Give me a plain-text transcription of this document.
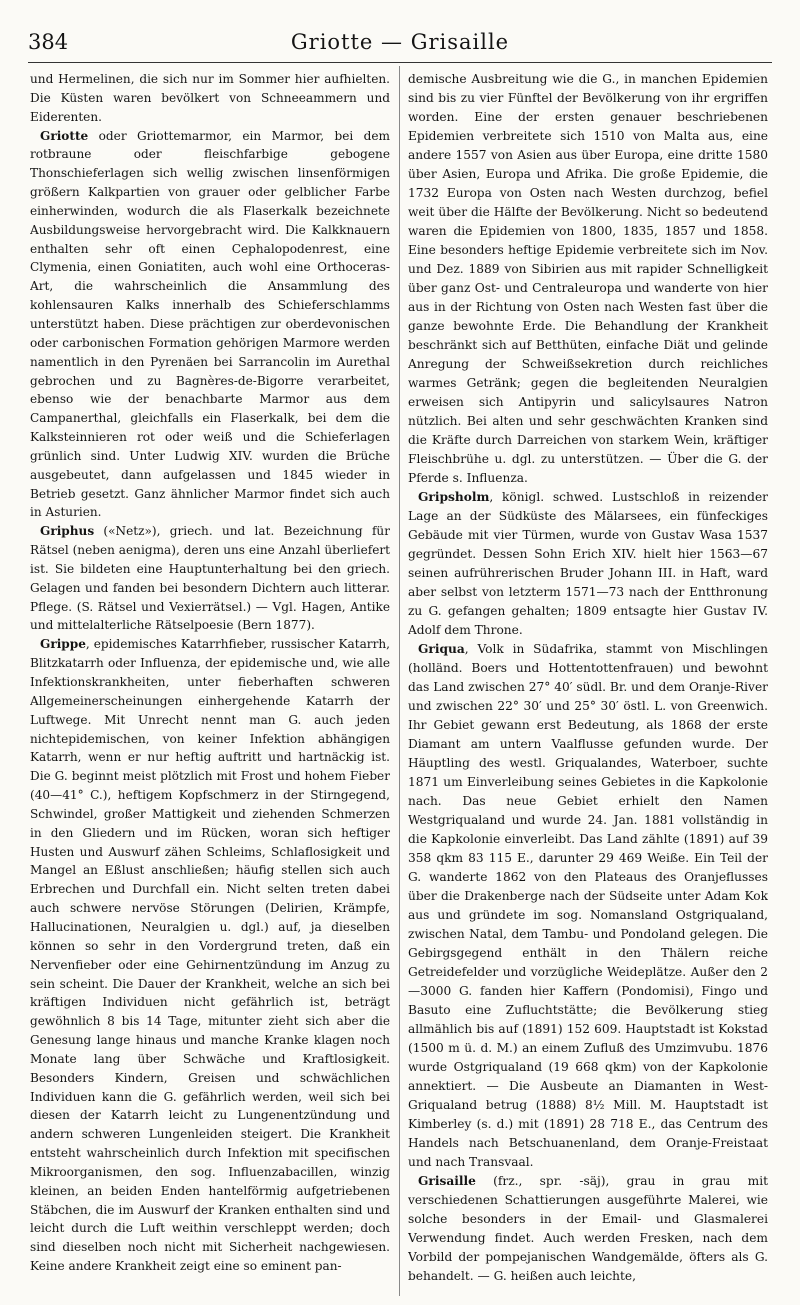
384	Griotte — Grisaille

und Hermelinen, die sich nur im Sommer hier aufhielten. Die Küsten waren bevölkert von Schneeammern und Eiderenten.

Griotte oder Griottemarmor, ein Marmor, bei dem rotbraune oder fleischfarbige gebogene Thonschieferlagen sich wellig zwischen linsenförmigen größern Kalkpartien von grauer oder gelblicher Farbe einherwinden, wodurch die als Flaserkalk bezeichnete Ausbildungsweise hervorgebracht wird. Die Kalkknauern enthalten sehr oft einen Cephalopodenrest, eine Clymenia, einen Goniatiten, auch wohl eine Orthoceras-Art, die wahrscheinlich die Ansammlung des kohlensauren Kalks innerhalb des Schieferschlamms unterstützt haben. Diese prächtigen zur oberdevonischen oder carbonischen Formation gehörigen Marmore werden namentlich in den Pyrenäen bei Sarrancolin im Aurethal gebrochen und zu Bagnères-de-Bigorre verarbeitet, ebenso wie der benachbarte Marmor aus dem Campanerthal, gleichfalls ein Flaserkalk, bei dem die Kalksteinnieren rot oder weiß und die Schieferlagen grünlich sind. Unter Ludwig XIV. wurden die Brüche ausgebeutet, dann aufgelassen und 1845 wieder in Betrieb gesetzt. Ganz ähnlicher Marmor findet sich auch in Asturien.

Griphus («Netz»), griech. und lat. Bezeichnung für Rätsel (neben aenigma), deren uns eine Anzahl überliefert ist. Sie bildeten eine Hauptunterhaltung bei den griech. Gelagen und fanden bei besondern Dichtern auch litterar. Pflege. (S. Rätsel und Vexierrätsel.) — Vgl. Hagen, Antike und mittelalterliche Rätselpoesie (Bern 1877).

Grippe, epidemisches Katarrhfieber, russischer Katarrh, Blitzkatarrh oder Influenza, der epidemische und, wie alle Infektionskrankheiten, unter fieberhaften schweren Allgemeinerscheinungen einhergehende Katarrh der Luftwege. Mit Unrecht nennt man G. auch jeden nichtepidemischen, von keiner Infektion abhängigen Katarrh, wenn er nur heftig auftritt und hartnäckig ist. Die G. beginnt meist plötzlich mit Frost und hohem Fieber (40—41° C.), heftigem Kopfschmerz in der Stirngegend, Schwindel, großer Mattigkeit und ziehenden Schmerzen in den Gliedern und im Rücken, woran sich heftiger Husten und Auswurf zähen Schleims, Schlaflosigkeit und Mangel an Eßlust anschließen; häufig stellen sich auch Erbrechen und Durchfall ein. Nicht selten treten dabei auch schwere nervöse Störungen (Delirien, Krämpfe, Hallucinationen, Neuralgien u. dgl.) auf, ja dieselben können so sehr in den Vordergrund treten, daß ein Nervenfieber oder eine Gehirnentzündung im Anzug zu sein scheint. Die Dauer der Krankheit, welche an sich bei kräftigen Individuen nicht gefährlich ist, beträgt gewöhnlich 8 bis 14 Tage, mitunter zieht sich aber die Genesung lange hinaus und manche Kranke klagen noch Monate lang über Schwäche und Kraftlosigkeit. Besonders Kindern, Greisen und schwächlichen Individuen kann die G. gefährlich werden, weil sich bei diesen der Katarrh leicht zu Lungenentzündung und andern schweren Lungenleiden steigert. Die Krankheit entsteht wahrscheinlich durch Infektion mit specifischen Mikroorganismen, den sog. Influenzabacillen, winzig kleinen, an beiden Enden hantelförmig aufgetriebenen Stäbchen, die im Auswurf der Kranken enthalten sind und leicht durch die Luft weithin verschleppt werden; doch sind dieselben noch nicht mit Sicherheit nachgewiesen. Keine andere Krankheit zeigt eine so eminent pan-

demische Ausbreitung wie die G., in manchen Epidemien sind bis zu vier Fünftel der Bevölkerung von ihr ergriffen worden. Eine der ersten genauer beschriebenen Epidemien verbreitete sich 1510 von Malta aus, eine andere 1557 von Asien aus über Europa, eine dritte 1580 über Asien, Europa und Afrika. Die große Epidemie, die 1732 Europa von Osten nach Westen durchzog, befiel weit über die Hälfte der Bevölkerung. Nicht so bedeutend waren die Epidemien von 1800, 1835, 1857 und 1858. Eine besonders heftige Epidemie verbreitete sich im Nov. und Dez. 1889 von Sibirien aus mit rapider Schnelligkeit über ganz Ost- und Centraleuropa und wanderte von hier aus in der Richtung von Osten nach Westen fast über die ganze bewohnte Erde. Die Behandlung der Krankheit beschränkt sich auf Betthüten, einfache Diät und gelinde Anregung der Schweißsekretion durch reichliches warmes Getränk; gegen die begleitenden Neuralgien erweisen sich Antipyrin und salicylsaures Natron nützlich. Bei alten und sehr geschwächten Kranken sind die Kräfte durch Darreichen von starkem Wein, kräftiger Fleischbrühe u. dgl. zu unterstützen. — Über die G. der Pferde s. Influenza.

Gripsholm, königl. schwed. Lustschloß in reizender Lage an der Südküste des Mälarsees, ein fünfeckiges Gebäude mit vier Türmen, wurde von Gustav Wasa 1537 gegründet. Dessen Sohn Erich XIV. hielt hier 1563—67 seinen aufrührerischen Bruder Johann III. in Haft, ward aber selbst von letzterm 1571—73 nach der Entthronung zu G. gefangen gehalten; 1809 entsagte hier Gustav IV. Adolf dem Throne.

Griqua, Volk in Südafrika, stammt von Mischlingen (holländ. Boers und Hottentottenfrauen) und bewohnt das Land zwischen 27° 40′ südl. Br. und dem Oranje-River und zwischen 22° 30′ und 25° 30′ östl. L. von Greenwich. Ihr Gebiet gewann erst Bedeutung, als 1868 der erste Diamant am untern Vaalflusse gefunden wurde. Der Häuptling des westl. Griqualandes, Waterboer, suchte 1871 um Einverleibung seines Gebietes in die Kapkolonie nach. Das neue Gebiet erhielt den Namen Westgriqualand und wurde 24. Jan. 1881 vollständig in die Kapkolonie einverleibt. Das Land zählte (1891) auf 39 358 qkm 83 115 E., darunter 29 469 Weiße. Ein Teil der G. wanderte 1862 von den Plateaus des Oranjeflusses über die Drakenberge nach der Südseite unter Adam Kok aus und gründete im sog. Nomansland Ostgriqualand, zwischen Natal, dem Tambu- und Pondoland gelegen. Die Gebirgsgegend enthält in den Thälern reiche Getreidefelder und vorzügliche Weideplätze. Außer den 2—3000 G. fanden hier Kaffern (Pondomisi), Fingo und Basuto eine Zufluchtstätte; die Bevölkerung stieg allmählich bis auf (1891) 152 609. Hauptstadt ist Kokstad (1500 m ü. d. M.) an einem Zufluß des Umzimvubu. 1876 wurde Ostgriqualand (19 668 qkm) von der Kapkolonie annektiert. — Die Ausbeute an Diamanten in West-Griqualand betrug (1888) 8½ Mill. M. Hauptstadt ist Kimberley (s. d.) mit (1891) 28 718 E., das Centrum des Handels nach Betschuanenland, dem Oranje-Freistaat und nach Transvaal.

Grisaille (frz., spr. -säj), grau in grau mit verschiedenen Schattierungen ausgeführte Malerei, wie solche besonders in der Email- und Glasmalerei Verwendung findet. Auch werden Fresken, nach dem Vorbild der pompejanischen Wandgemälde, öfters als G. behandelt. — G. heißen auch leichte,
